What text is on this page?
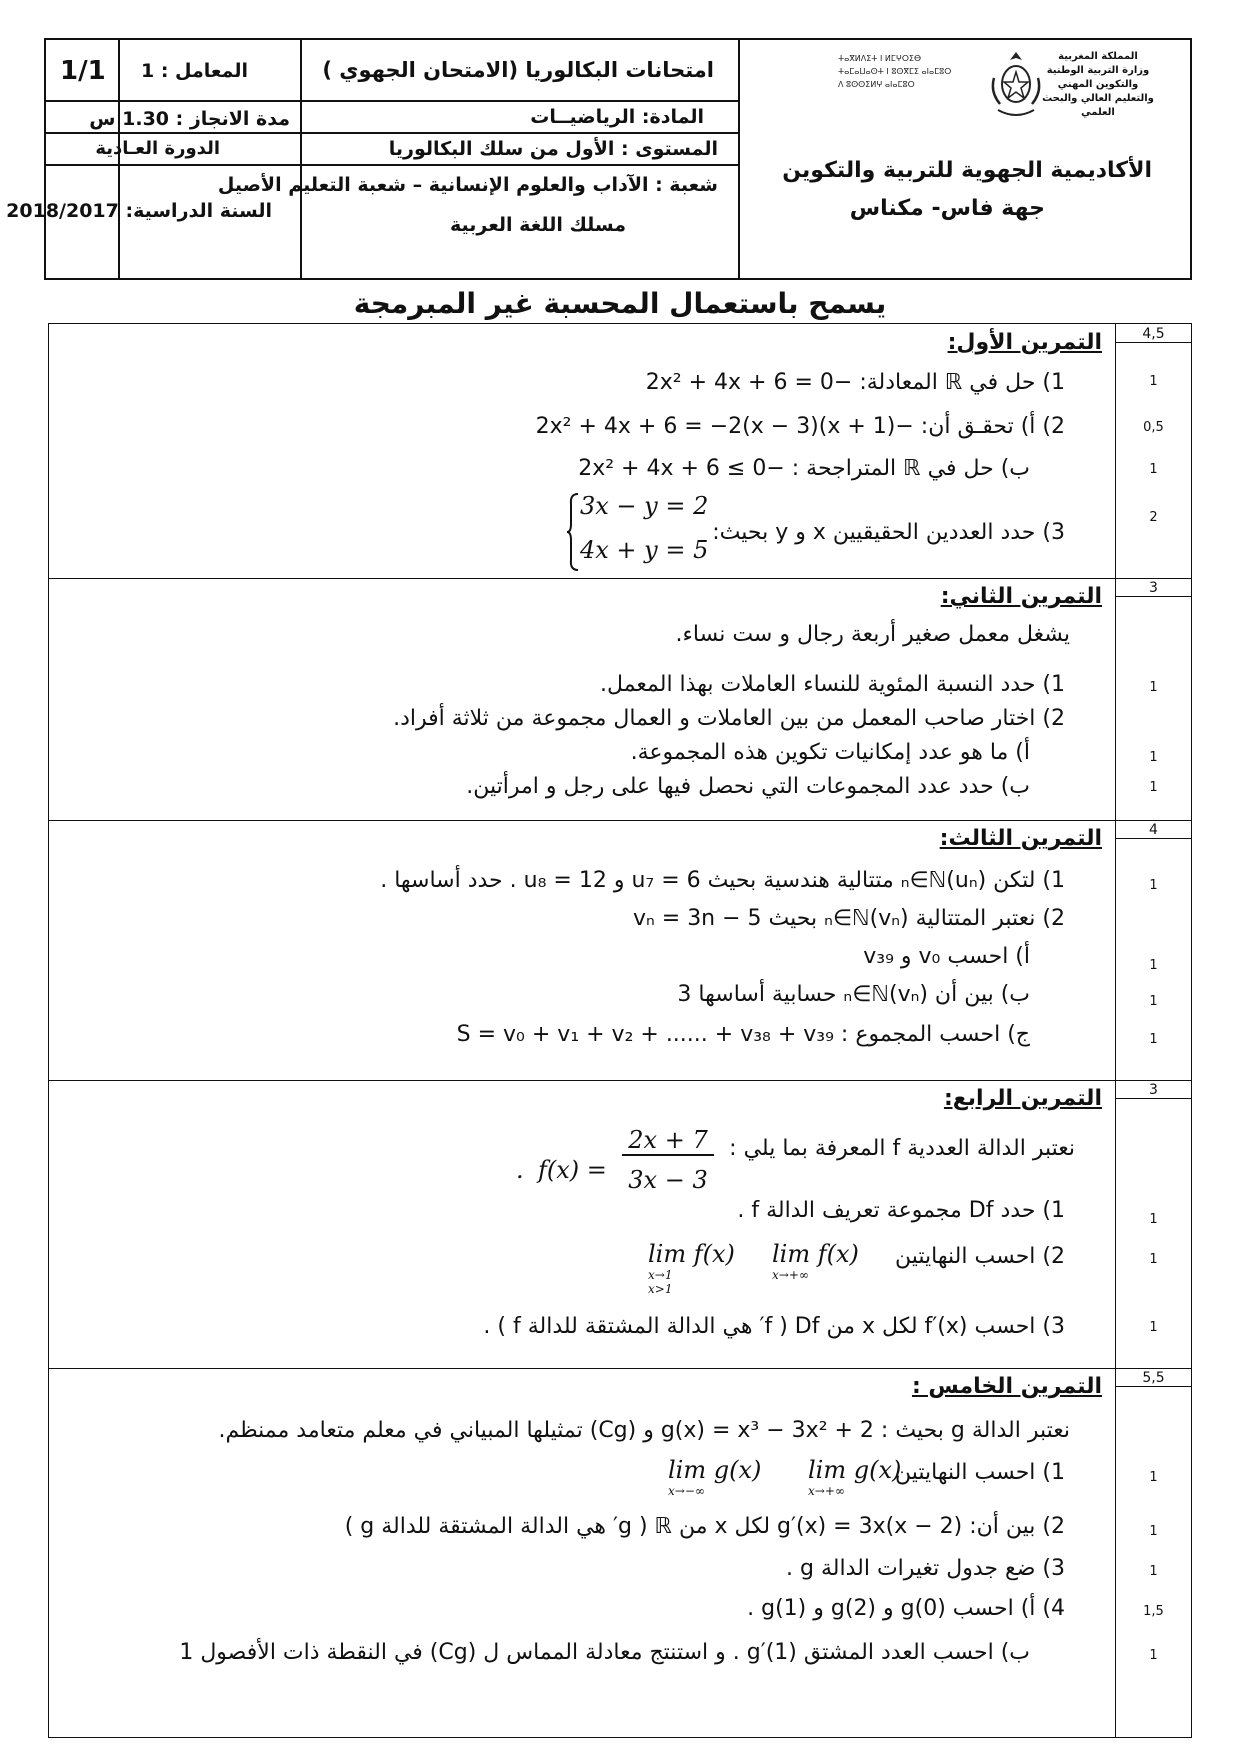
1/1 المعامل : 1
مدة الانجاز : 1.30 س
الدورة العـادية
السنة الدراسية: 2018/2017
امتحانات البكالوريا (الامتحان الجهوي )
المادة: الرياضيــات
المستوى : الأول من سلك البكالوريا
شعبة : الآداب والعلوم الإنسانية – شعبة التعليم الأصيل
مسلك اللغة العربية
ⵜⴰⴳⵍⴷⵉⵜ ⵏ ⵍⵎⵖⵔⵉⴱ
ⵜⴰⵎⴰⵡⴰⵙⵜ ⵏ ⵓⵙⴳⵎⵉ ⴰⵏⴰⵎⵓⵔ
ⴷ ⵓⵙⵙⵉⵍⵖ ⴰⵏⴰⵎⵓⵔ
المملكة المغربية
وزارة التربية الوطنية والتكوين المهني
والتعليم العالي والبحث العلمي
الأكاديمية الجهوية للتربية والتكوين
جهة فاس- مكناس
يسمح باستعمال المحسبة غير المبرمجة
4,5
التمرين الأول:
1
1) حل في ℝ المعادلة: −2x² + 4x + 6 = 0
0,5
2) أ) تحقـق أن: −2x² + 4x + 6 = −2(x − 3)(x + 1)
1
ب) حل في ℝ المتراجحة : −2x² + 4x + 6 ≤ 0
2
3) حدد العددين الحقيقيين x و y بحيث:
3x − y = 2
4x + y = 5
3
التمرين الثاني:
يشغل معمل صغير أربعة رجال و ست نساء.
1
1) حدد النسبة المئوية للنساء العاملات بهذا المعمل.
2) اختار صاحب المعمل من بين العاملات و العمال مجموعة من ثلاثة أفراد.
1
أ) ما هو عدد إمكانيات تكوين هذه المجموعة.
1
ب) حدد عدد المجموعات التي نحصل فيها على رجل و امرأتين.
4
التمرين الثالث:
1
1) لتكن (uₙ)ₙ∈ℕ متتالية هندسية بحيث u₇ = 6 و u₈ = 12 . حدد أساسها .
2) نعتبر المتتالية (vₙ)ₙ∈ℕ بحيث vₙ = 3n − 5
1
أ) احسب v₀ و v₃₉
1
ب) بين أن (vₙ)ₙ∈ℕ حسابية أساسها 3
1
ج) احسب المجموع : S = v₀ + v₁ + v₂ + ...... + v₃₈ + v₃₉
3
التمرين الرابع:
نعتبر الدالة العددية f المعرفة بما يلي :
f(x) =
2x + 7
3x − 3
.
1
1) حدد Df مجموعة تعريف الدالة f .
1
2) احسب النهايتين
lim f(x)
x→1
x>1
lim f(x)
x→+∞
1
3) احسب f′(x) لكل x من Df ( f′ هي الدالة المشتقة للدالة f ) .
5,5
التمرين الخامس :
نعتبر الدالة g بحيث : g(x) = x³ − 3x² + 2 و (Cg) تمثيلها المبياني في معلم متعامد ممنظم.
1
1) احسب النهايتين
lim g(x)
x→+∞
lim g(x)
x→−∞
1
2) بين أن: g′(x) = 3x(x − 2) لكل x من ℝ ( g′ هي الدالة المشتقة للدالة g )
1
3) ضع جدول تغيرات الدالة g .
1,5
4) أ) احسب g(0) و g(2) و g(1) .
1
ب) احسب العدد المشتق g′(1) . و استنتج معادلة المماس ل (Cg) في النقطة ذات الأفصول 1
